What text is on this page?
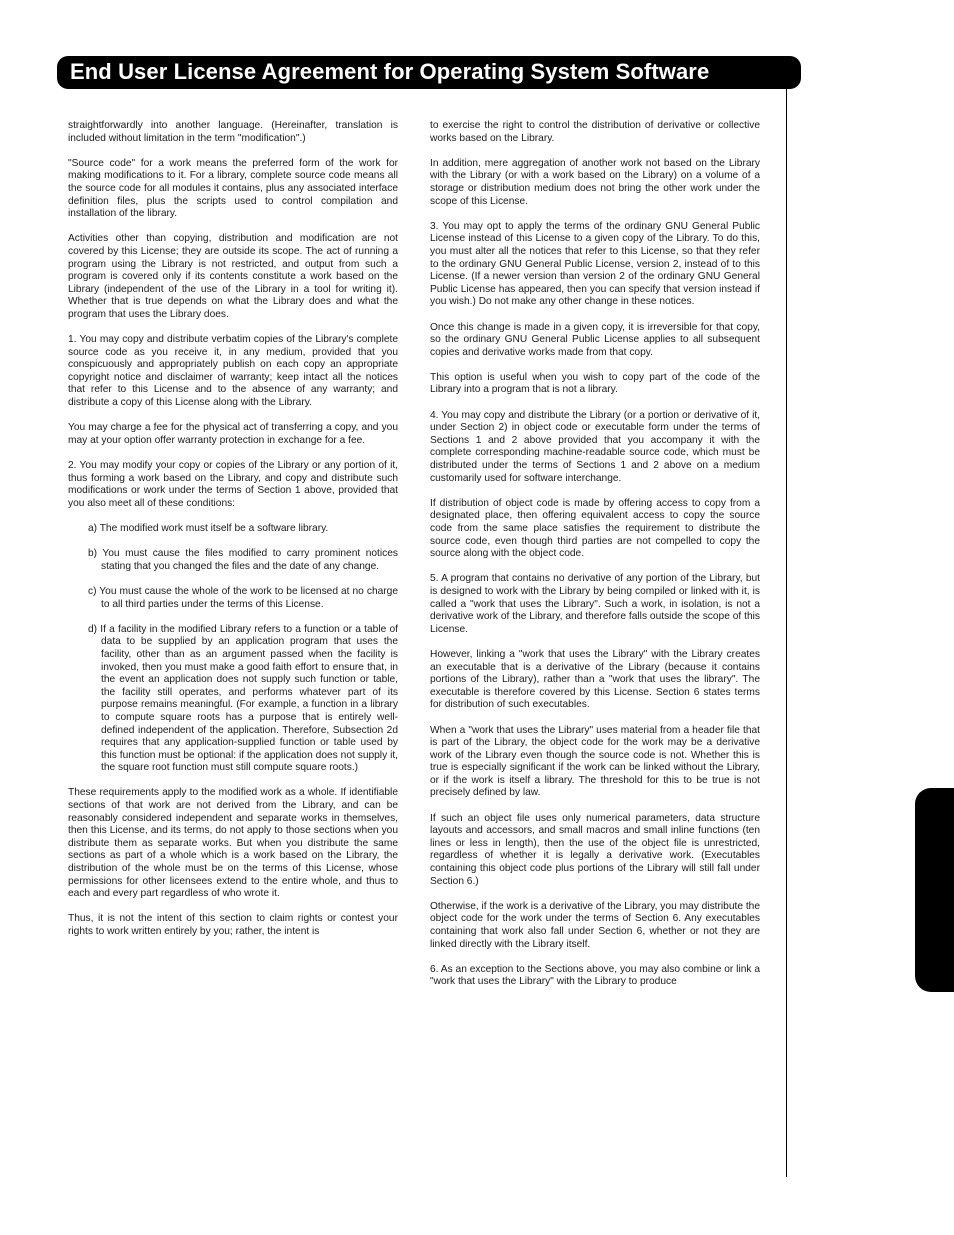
End User License Agreement for Operating System Software

straightforwardly into another language. (Hereinafter, translation is included without limitation in the term "modification".)

"Source code" for a work means the preferred form of the work for making modifications to it. For a library, complete source code means all the source code for all modules it contains, plus any associated interface definition files, plus the scripts used to control compilation and installation of the library.

Activities other than copying, distribution and modification are not covered by this License; they are outside its scope. The act of running a program using the Library is not restricted, and output from such a program is covered only if its contents constitute a work based on the Library (independent of the use of the Library in a tool for writing it). Whether that is true depends on what the Library does and what the program that uses the Library does.

1. You may copy and distribute verbatim copies of the Library's complete source code as you receive it, in any medium, provided that you conspicuously and appropriately publish on each copy an appropriate copyright notice and disclaimer of warranty; keep intact all the notices that refer to this License and to the absence of any warranty; and distribute a copy of this License along with the Library.

You may charge a fee for the physical act of transferring a copy, and you may at your option offer warranty protection in exchange for a fee.

2. You may modify your copy or copies of the Library or any portion of it, thus forming a work based on the Library, and copy and distribute such modifications or work under the terms of Section 1 above, provided that you also meet all of these conditions:

a) The modified work must itself be a software library.

b) You must cause the files modified to carry prominent notices stating that you changed the files and the date of any change.

c) You must cause the whole of the work to be licensed at no charge to all third parties under the terms of this License.

d) If a facility in the modified Library refers to a function or a table of data to be supplied by an application program that uses the facility, other than as an argument passed when the facility is invoked, then you must make a good faith effort to ensure that, in the event an application does not supply such function or table, the facility still operates, and performs whatever part of its purpose remains meaningful. (For example, a function in a library to compute square roots has a purpose that is entirely well-defined independent of the application. Therefore, Subsection 2d requires that any application-supplied function or table used by this function must be optional: if the application does not supply it, the square root function must still compute square roots.)

These requirements apply to the modified work as a whole. If identifiable sections of that work are not derived from the Library, and can be reasonably considered independent and separate works in themselves, then this License, and its terms, do not apply to those sections when you distribute them as separate works. But when you distribute the same sections as part of a whole which is a work based on the Library, the distribution of the whole must be on the terms of this License, whose permissions for other licensees extend to the entire whole, and thus to each and every part regardless of who wrote it.

Thus, it is not the intent of this section to claim rights or contest your rights to work written entirely by you; rather, the intent is

to exercise the right to control the distribution of derivative or collective works based on the Library.

In addition, mere aggregation of another work not based on the Library with the Library (or with a work based on the Library) on a volume of a storage or distribution medium does not bring the other work under the scope of this License.

3. You may opt to apply the terms of the ordinary GNU General Public License instead of this License to a given copy of the Library. To do this, you must alter all the notices that refer to this License, so that they refer to the ordinary GNU General Public License, version 2, instead of to this License. (If a newer version than version 2 of the ordinary GNU General Public License has appeared, then you can specify that version instead if you wish.) Do not make any other change in these notices.

Once this change is made in a given copy, it is irreversible for that copy, so the ordinary GNU General Public License applies to all subsequent copies and derivative works made from that copy.

This option is useful when you wish to copy part of the code of the Library into a program that is not a library.

4. You may copy and distribute the Library (or a portion or derivative of it, under Section 2) in object code or executable form under the terms of Sections 1 and 2 above provided that you accompany it with the complete corresponding machine-readable source code, which must be distributed under the terms of Sections 1 and 2 above on a medium customarily used for software interchange.

If distribution of object code is made by offering access to copy from a designated place, then offering equivalent access to copy the source code from the same place satisfies the requirement to distribute the source code, even though third parties are not compelled to copy the source along with the object code.

5. A program that contains no derivative of any portion of the Library, but is designed to work with the Library by being compiled or linked with it, is called a "work that uses the Library". Such a work, in isolation, is not a derivative work of the Library, and therefore falls outside the scope of this License.

However, linking a "work that uses the Library" with the Library creates an executable that is a derivative of the Library (because it contains portions of the Library), rather than a "work that uses the library". The executable is therefore covered by this License. Section 6 states terms for distribution of such executables.

When a "work that uses the Library" uses material from a header file that is part of the Library, the object code for the work may be a derivative work of the Library even though the source code is not. Whether this is true is especially significant if the work can be linked without the Library, or if the work is itself a library. The threshold for this to be true is not precisely defined by law.

If such an object file uses only numerical parameters, data structure layouts and accessors, and small macros and small inline functions (ten lines or less in length), then the use of the object file is unrestricted, regardless of whether it is legally a derivative work. (Executables containing this object code plus portions of the Library will still fall under Section 6.)

Otherwise, if the work is a derivative of the Library, you may distribute the object code for the work under the terms of Section 6. Any executables containing that work also fall under Section 6, whether or not they are linked directly with the Library itself.

6. As an exception to the Sections above, you may also combine or link a "work that uses the Library" with the Library to produce
